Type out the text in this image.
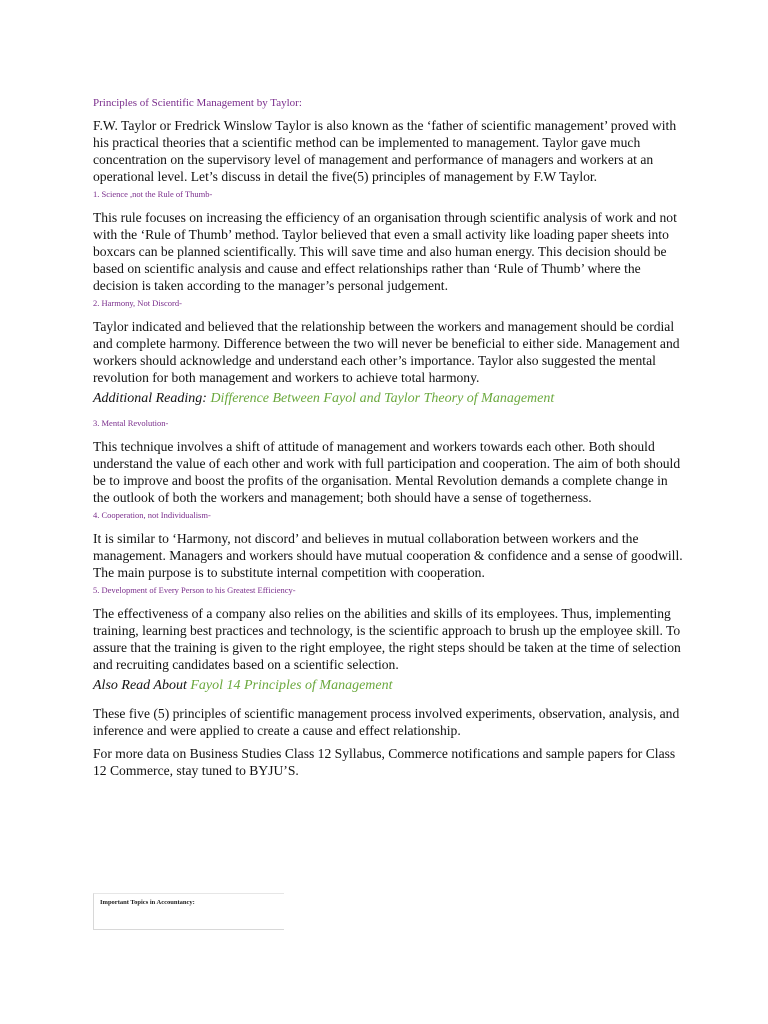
Principles of Scientific Management by Taylor:

F.W. Taylor or Fredrick Winslow Taylor is also known as the ‘father of scientific management’ proved with his practical theories that a scientific method can be implemented to management. Taylor gave much concentration on the supervisory level of management and performance of managers and workers at an operational level. Let’s discuss in detail the five(5) principles of management by F.W Taylor.

1. Science ,not the Rule of Thumb-

This rule focuses on increasing the efficiency of an organisation through scientific analysis of work and not with the ‘Rule of Thumb’ method. Taylor believed that even a small activity like loading paper sheets into boxcars can be planned scientifically. This will save time and also human energy. This decision should be based on scientific analysis and cause and effect relationships rather than ‘Rule of Thumb’ where the decision is taken according to the manager’s personal judgement.

2. Harmony, Not Discord-

Taylor indicated and believed that the relationship between the workers and management should be cordial and complete harmony. Difference between the two will never be beneficial to either side. Management and workers should acknowledge and understand each other’s importance. Taylor also suggested the mental revolution for both management and workers to achieve total harmony.

Additional Reading: Difference Between Fayol and Taylor Theory of Management
3. Mental Revolution-

This technique involves a shift of attitude of management and workers towards each other. Both should understand the value of each other and work with full participation and cooperation. The aim of both should be to improve and boost the profits of the organisation. Mental Revolution demands a complete change in the outlook of both the workers and management; both should have a sense of togetherness.

4. Cooperation, not Individualism-

It is similar to ‘Harmony, not discord’ and believes in mutual collaboration between workers and the management. Managers and workers should have mutual cooperation & confidence and a sense of goodwill. The main purpose is to substitute internal competition with cooperation.

5. Development of Every Person to his Greatest Efficiency-

The effectiveness of a company also relies on the abilities and skills of its employees. Thus, implementing training, learning best practices and technology, is the scientific approach to brush up the employee skill. To assure that the training is given to the right employee, the right steps should be taken at the time of selection and recruiting candidates based on a scientific selection.

Also Read About Fayol 14 Principles of Management

These five (5) principles of scientific management process involved experiments, observation, analysis, and inference and were applied to create a cause and effect relationship.

For more data on Business Studies Class 12 Syllabus, Commerce notifications and sample papers for Class 12 Commerce, stay tuned to BYJU’S.

Important Topics in Accountancy:
